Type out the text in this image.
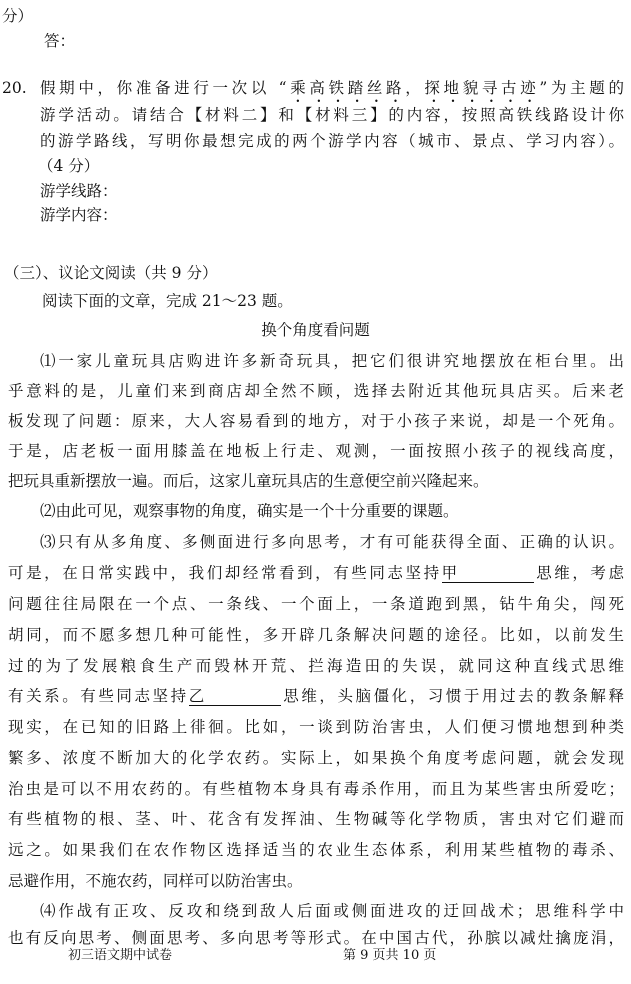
分）
答：
20. 假期中，你准备进行一次以 “乘高铁踏丝路，探地貌寻古迹”为主题的
游学活动。请结合【材料二】和【材料三】的内容，按照高铁线路设计你
的游学路线，写明你最想完成的两个游学内容（城市、景点、学习内容）。
（4 分）
游学线路：
游学内容：
（三）、议论文阅读（共 9 分）
阅读下面的文章，完成 21～23 题。
换个角度看问题
⑴一家儿童玩具店购进许多新奇玩具，把它们很讲究地摆放在柜台里。出
乎意料的是，儿童们来到商店却全然不顾，选择去附近其他玩具店买。后来老
板发现了问题：原来，大人容易看到的地方，对于小孩子来说，却是一个死角。
于是，店老板一面用膝盖在地板上行走、观测，一面按照小孩子的视线高度，
把玩具重新摆放一遍。而后，这家儿童玩具店的生意便空前兴隆起来。
⑵由此可见，观察事物的角度，确实是一个十分重要的课题。
⑶只有从多角度、多侧面进行多向思考，才有可能获得全面、正确的认识。
可是，在日常实践中，我们却经常看到，有些同志坚持甲	思维，考虑
问题往往局限在一个点、一条线、一个面上，一条道跑到黑，钻牛角尖，闯死
胡同，而不愿多想几种可能性，多开辟几条解决问题的途径。比如，以前发生
过的为了发展粮食生产而毁林开荒、拦海造田的失误，就同这种直线式思维
有关系。有些同志坚持乙	思维，头脑僵化，习惯于用过去的教条解释
现实，在已知的旧路上徘徊。比如，一谈到防治害虫，人们便习惯地想到种类
繁多、浓度不断加大的化学农药。实际上，如果换个角度考虑问题，就会发现
治虫是可以不用农药的。有些植物本身具有毒杀作用，而且为某些害虫所爱吃；
有些植物的根、茎、叶、花含有发挥油、生物碱等化学物质，害虫对它们避而
远之。如果我们在农作物区选择适当的农业生态体系，利用某些植物的毒杀、
忌避作用，不施农药，同样可以防治害虫。
⑷作战有正攻、反攻和绕到敌人后面或侧面进攻的迂回战术；思维科学中
也有反向思考、侧面思考、多向思考等形式。在中国古代，孙膑以减灶擒庞涓，
初三语文期中试卷	第 9 页共 10 页
